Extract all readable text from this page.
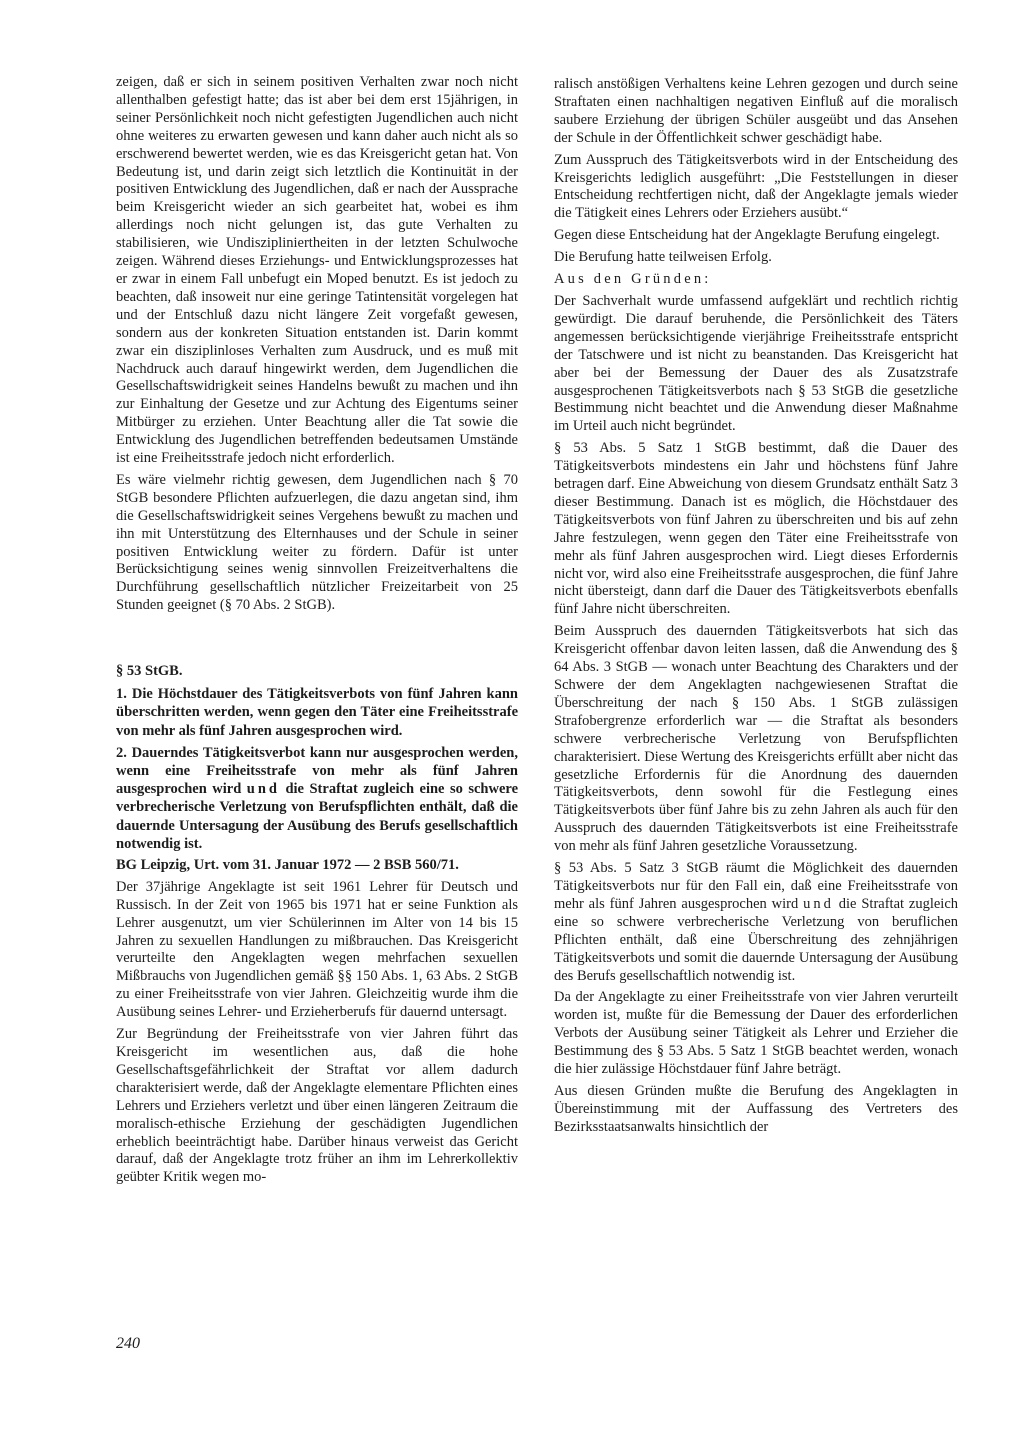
zeigen, daß er sich in seinem positiven Verhalten zwar noch nicht allenthalben gefestigt hatte; das ist aber bei dem erst 15jährigen, in seiner Persönlichkeit noch nicht gefestigten Jugendlichen auch nicht ohne weiteres zu erwarten gewesen und kann daher auch nicht als so erschwerend bewertet werden, wie es das Kreisgericht getan hat. Von Bedeutung ist, und darin zeigt sich letztlich die Kontinuität in der positiven Entwicklung des Jugendlichen, daß er nach der Aussprache beim Kreisgericht wieder an sich gearbeitet hat, wobei es ihm allerdings noch nicht gelungen ist, das gute Verhalten zu stabilisieren, wie Undiszipliniertheiten in der letzten Schulwoche zeigen. Während dieses Erziehungs- und Entwicklungsprozesses hat er zwar in einem Fall unbefugt ein Moped benutzt. Es ist jedoch zu beachten, daß insoweit nur eine geringe Tatintensität vorgelegen hat und der Entschluß dazu nicht längere Zeit vorgefaßt gewesen, sondern aus der konkreten Situation entstanden ist. Darin kommt zwar ein disziplinloses Verhalten zum Ausdruck, und es muß mit Nachdruck auch darauf hingewirkt werden, dem Jugendlichen die Gesellschaftswidrigkeit seines Handelns bewußt zu machen und ihn zur Einhaltung der Gesetze und zur Achtung des Eigentums seiner Mitbürger zu erziehen. Unter Beachtung aller die Tat sowie die Entwicklung des Jugendlichen betreffenden bedeutsamen Umstände ist eine Freiheitsstrafe jedoch nicht erforderlich.

Es wäre vielmehr richtig gewesen, dem Jugendlichen nach § 70 StGB besondere Pflichten aufzuerlegen, die dazu angetan sind, ihm die Gesellschaftswidrigkeit seines Vergehens bewußt zu machen und ihn mit Unterstützung des Elternhauses und der Schule in seiner positiven Entwicklung weiter zu fördern. Dafür ist unter Berücksichtigung seines wenig sinnvollen Freizeitverhaltens die Durchführung gesellschaftlich nützlicher Freizeitarbeit von 25 Stunden geeignet (§ 70 Abs. 2 StGB).

§ 53 StGB.

1. Die Höchstdauer des Tätigkeitsverbots von fünf Jahren kann überschritten werden, wenn gegen den Täter eine Freiheitsstrafe von mehr als fünf Jahren ausgesprochen wird.

2. Dauerndes Tätigkeitsverbot kann nur ausgesprochen werden, wenn eine Freiheitsstrafe von mehr als fünf Jahren ausgesprochen wird und die Straftat zugleich eine so schwere verbrecherische Verletzung von Berufspflichten enthält, daß die dauernde Untersagung der Ausübung des Berufs gesellschaftlich notwendig ist.

BG Leipzig, Urt. vom 31. Januar 1972 — 2 BSB 560/71.

Der 37jährige Angeklagte ist seit 1961 Lehrer für Deutsch und Russisch. In der Zeit von 1965 bis 1971 hat er seine Funktion als Lehrer ausgenutzt, um vier Schülerinnen im Alter von 14 bis 15 Jahren zu sexuellen Handlungen zu mißbrauchen. Das Kreisgericht verurteilte den Angeklagten wegen mehrfachen sexuellen Mißbrauchs von Jugendlichen gemäß §§ 150 Abs. 1, 63 Abs. 2 StGB zu einer Freiheitsstrafe von vier Jahren. Gleichzeitig wurde ihm die Ausübung seines Lehrer- und Erzieherberufs für dauernd untersagt.

Zur Begründung der Freiheitsstrafe von vier Jahren führt das Kreisgericht im wesentlichen aus, daß die hohe Gesellschaftsgefährlichkeit der Straftat vor allem dadurch charakterisiert werde, daß der Angeklagte elementare Pflichten eines Lehrers und Erziehers verletzt und über einen längeren Zeitraum die moralisch-ethische Erziehung der geschädigten Jugendlichen erheblich beeinträchtigt habe. Darüber hinaus verweist das Gericht darauf, daß der Angeklagte trotz früher an ihm im Lehrerkollektiv geübter Kritik wegen mo-

ralisch anstößigen Verhaltens keine Lehren gezogen und durch seine Straftaten einen nachhaltigen negativen Einfluß auf die moralisch saubere Erziehung der übrigen Schüler ausgeübt und das Ansehen der Schule in der Öffentlichkeit schwer geschädigt habe.

Zum Ausspruch des Tätigkeitsverbots wird in der Entscheidung des Kreisgerichts lediglich ausgeführt: „Die Feststellungen in dieser Entscheidung rechtfertigen nicht, daß der Angeklagte jemals wieder die Tätigkeit eines Lehrers oder Erziehers ausübt.“

Gegen diese Entscheidung hat der Angeklagte Berufung eingelegt.

Die Berufung hatte teilweisen Erfolg.

Aus den Gründen:

Der Sachverhalt wurde umfassend aufgeklärt und rechtlich richtig gewürdigt. Die darauf beruhende, die Persönlichkeit des Täters angemessen berücksichtigende vierjährige Freiheitsstrafe entspricht der Tatschwere und ist nicht zu beanstanden. Das Kreisgericht hat aber bei der Bemessung der Dauer des als Zusatzstrafe ausgesprochenen Tätigkeitsverbots nach § 53 StGB die gesetzliche Bestimmung nicht beachtet und die Anwendung dieser Maßnahme im Urteil auch nicht begründet.

§ 53 Abs. 5 Satz 1 StGB bestimmt, daß die Dauer des Tätigkeitsverbots mindestens ein Jahr und höchstens fünf Jahre betragen darf. Eine Abweichung von diesem Grundsatz enthält Satz 3 dieser Bestimmung. Danach ist es möglich, die Höchstdauer des Tätigkeitsverbots von fünf Jahren zu überschreiten und bis auf zehn Jahre festzulegen, wenn gegen den Täter eine Freiheitsstrafe von mehr als fünf Jahren ausgesprochen wird. Liegt dieses Erfordernis nicht vor, wird also eine Freiheitsstrafe ausgesprochen, die fünf Jahre nicht übersteigt, dann darf die Dauer des Tätigkeitsverbots ebenfalls fünf Jahre nicht überschreiten.

Beim Ausspruch des dauernden Tätigkeitsverbots hat sich das Kreisgericht offenbar davon leiten lassen, daß die Anwendung des § 64 Abs. 3 StGB — wonach unter Beachtung des Charakters und der Schwere der dem Angeklagten nachgewiesenen Straftat die Überschreitung der nach § 150 Abs. 1 StGB zulässigen Strafobergrenze erforderlich war — die Straftat als besonders schwere verbrecherische Verletzung von Berufspflichten charakterisiert. Diese Wertung des Kreisgerichts erfüllt aber nicht das gesetzliche Erfordernis für die Anordnung des dauernden Tätigkeitsverbots, denn sowohl für die Festlegung eines Tätigkeitsverbots über fünf Jahre bis zu zehn Jahren als auch für den Ausspruch des dauernden Tätigkeitsverbots ist eine Freiheitsstrafe von mehr als fünf Jahren gesetzliche Voraussetzung.

§ 53 Abs. 5 Satz 3 StGB räumt die Möglichkeit des dauernden Tätigkeitsverbots nur für den Fall ein, daß eine Freiheitsstrafe von mehr als fünf Jahren ausgesprochen wird und die Straftat zugleich eine so schwere verbrecherische Verletzung von beruflichen Pflichten enthält, daß eine Überschreitung des zehnjährigen Tätigkeitsverbots und somit die dauernde Untersagung der Ausübung des Berufs gesellschaftlich notwendig ist.

Da der Angeklagte zu einer Freiheitsstrafe von vier Jahren verurteilt worden ist, mußte für die Bemessung der Dauer des erforderlichen Verbots der Ausübung seiner Tätigkeit als Lehrer und Erzieher die Bestimmung des § 53 Abs. 5 Satz 1 StGB beachtet werden, wonach die hier zulässige Höchstdauer fünf Jahre beträgt.

Aus diesen Gründen mußte die Berufung des Angeklagten in Übereinstimmung mit der Auffassung des Vertreters des Bezirksstaatsanwalts hinsichtlich der

240
